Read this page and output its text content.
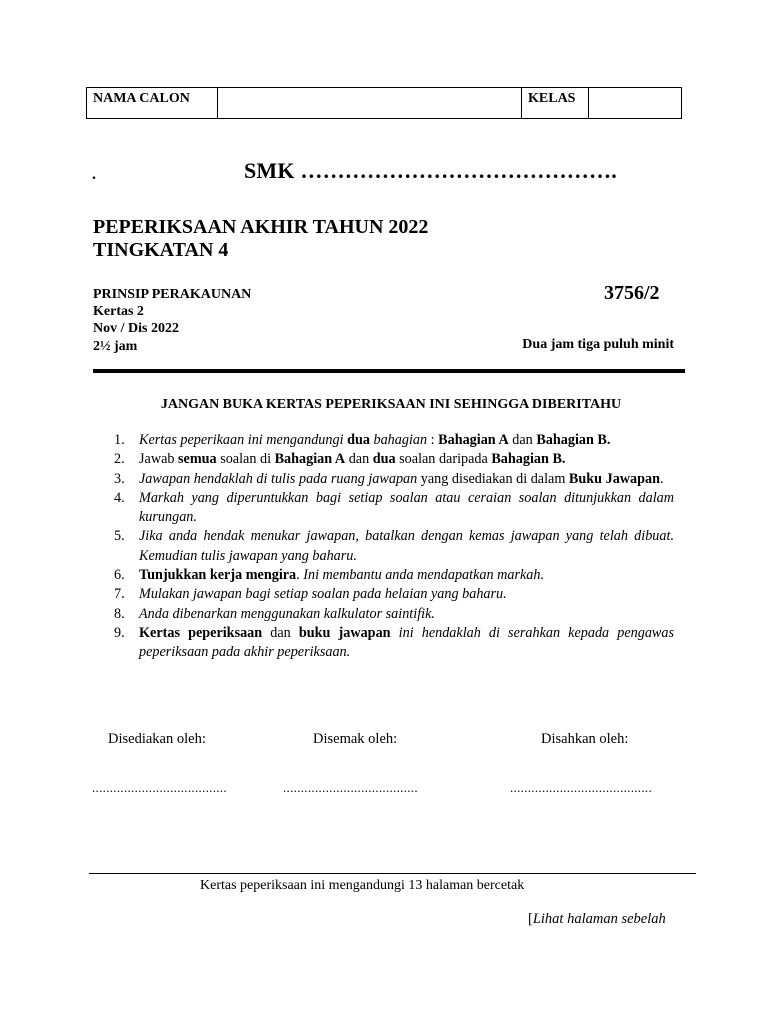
NAMA CALON		KELAS	
.	SMK …………………………………….
PEPERIKSAAN AKHIR TAHUN 2022
TINGKATAN 4
PRINSIP PERAKAUNAN	3756/2
Kertas 2
Nov / Dis 2022
2½ jam	Dua jam tiga puluh minit
JANGAN BUKA KERTAS PEPERIKSAAN INI SEHINGGA DIBERITAHU
1. Kertas peperikaan ini mengandungi dua bahagian : Bahagian A dan Bahagian B.
2. Jawab semua soalan di Bahagian A dan dua soalan daripada Bahagian B.
3. Jawapan hendaklah di tulis pada ruang jawapan yang disediakan di dalam Buku Jawapan.
4. Markah yang diperuntukkan bagi setiap soalan atau ceraian soalan ditunjukkan dalam kurungan.
5. Jika anda hendak menukar jawapan, batalkan dengan kemas jawapan yang telah dibuat. Kemudian tulis jawapan yang baharu.
6. Tunjukkan kerja mengira. Ini membantu anda mendapatkan markah.
7. Mulakan jawapan bagi setiap soalan pada helaian yang baharu.
8. Anda dibenarkan menggunakan kalkulator saintifik.
9. Kertas peperiksaan dan buku jawapan ini hendaklah di serahkan kepada pengawas peperiksaan pada akhir peperiksaan.
Disediakan oleh:	Disemak oleh:	Disahkan oleh:
......................................	......................................	........................................
Kertas peperiksaan ini mengandungi 13 halaman bercetak
[Lihat halaman sebelah
